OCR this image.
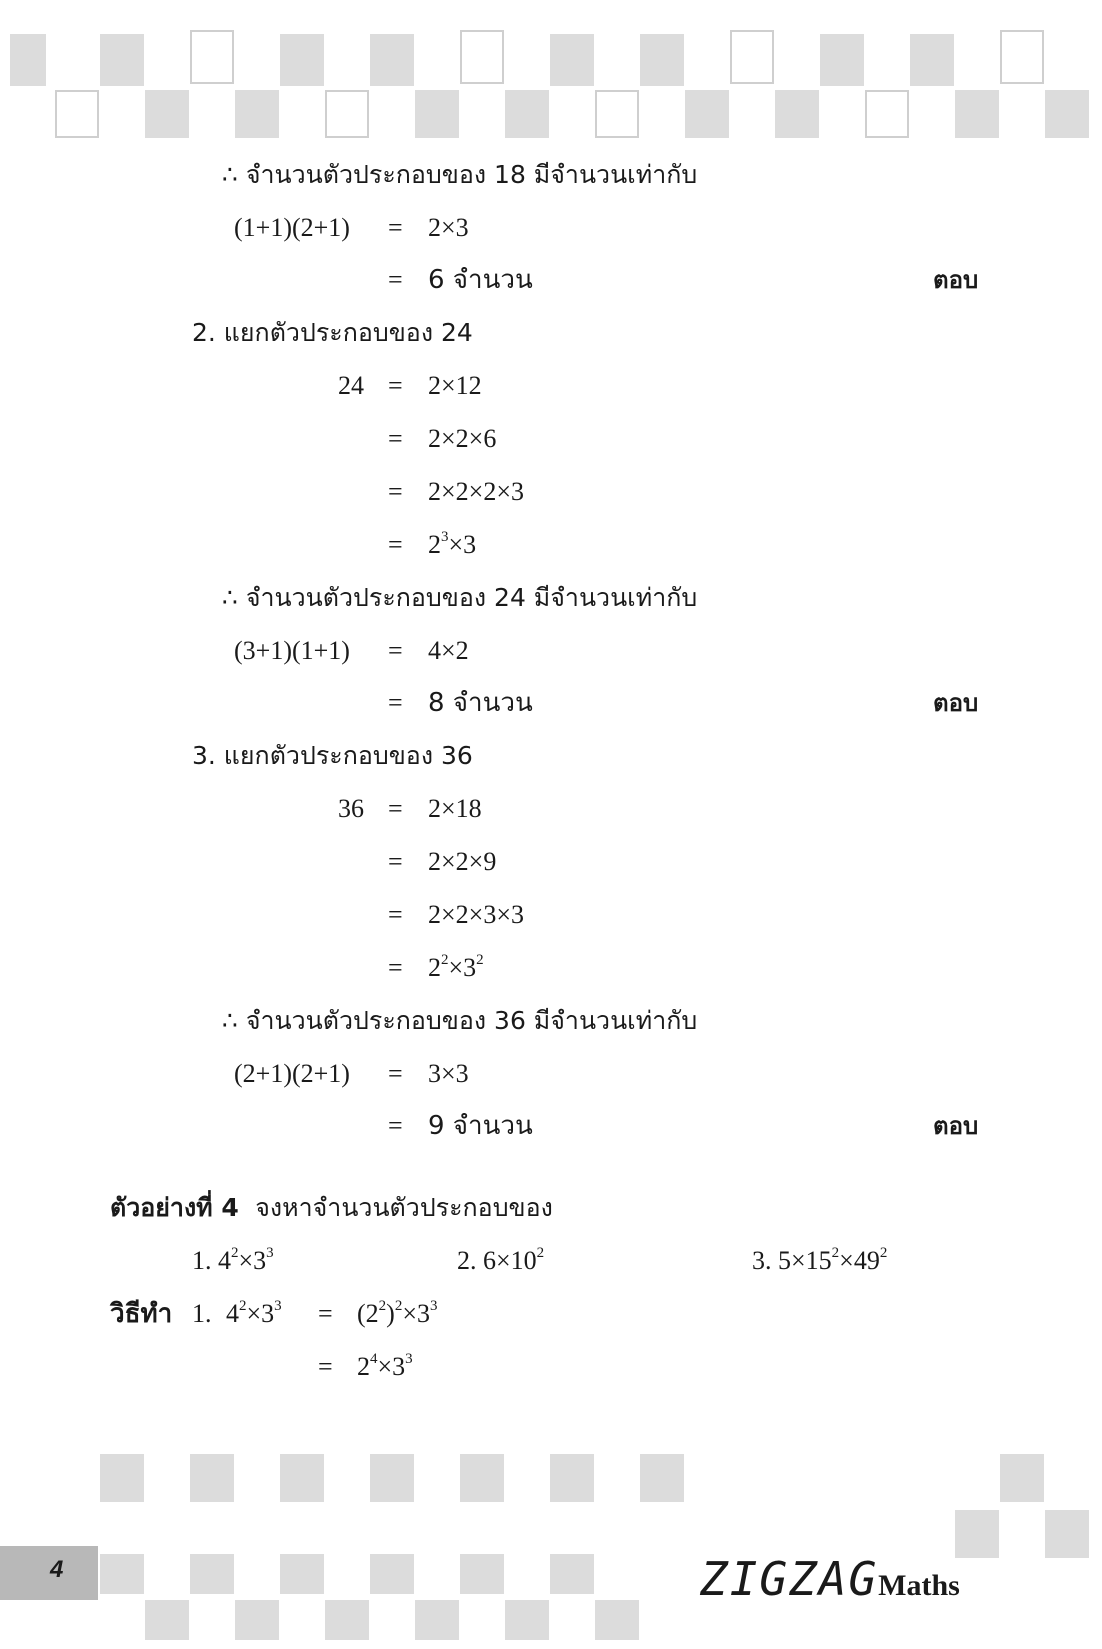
∴ จำนวนตัวประกอบของ 18 มีจำนวนเท่ากับ
(1+1)(2+1) = 2×3
= 6 จำนวน	ตอบ
2. แยกตัวประกอบของ 24
24 = 2×12
= 2×2×6
= 2×2×2×3
= $2^3\times 3$
∴ จำนวนตัวประกอบของ 24 มีจำนวนเท่ากับ
(3+1)(1+1) = 4×2
= 8 จำนวน	ตอบ
3. แยกตัวประกอบของ 36
36 = 2×18
= 2×2×9
= 2×2×3×3
= $2^2\times 3^2$
∴ จำนวนตัวประกอบของ 36 มีจำนวนเท่ากับ
(2+1)(2+1) = 3×3
= 9 จำนวน	ตอบ
ตัวอย่างที่ 4 จงหาจำนวนตัวประกอบของ
1. $4^2\times 3^3$	2. $6\times 10^2$	3. $5\times 15^2\times 49^2$
วิธีทำ 1. $4^2\times 3^3 = (2^2)^2\times 3^3$
= $2^4\times 3^3$
4	ZIGZAGMaths
